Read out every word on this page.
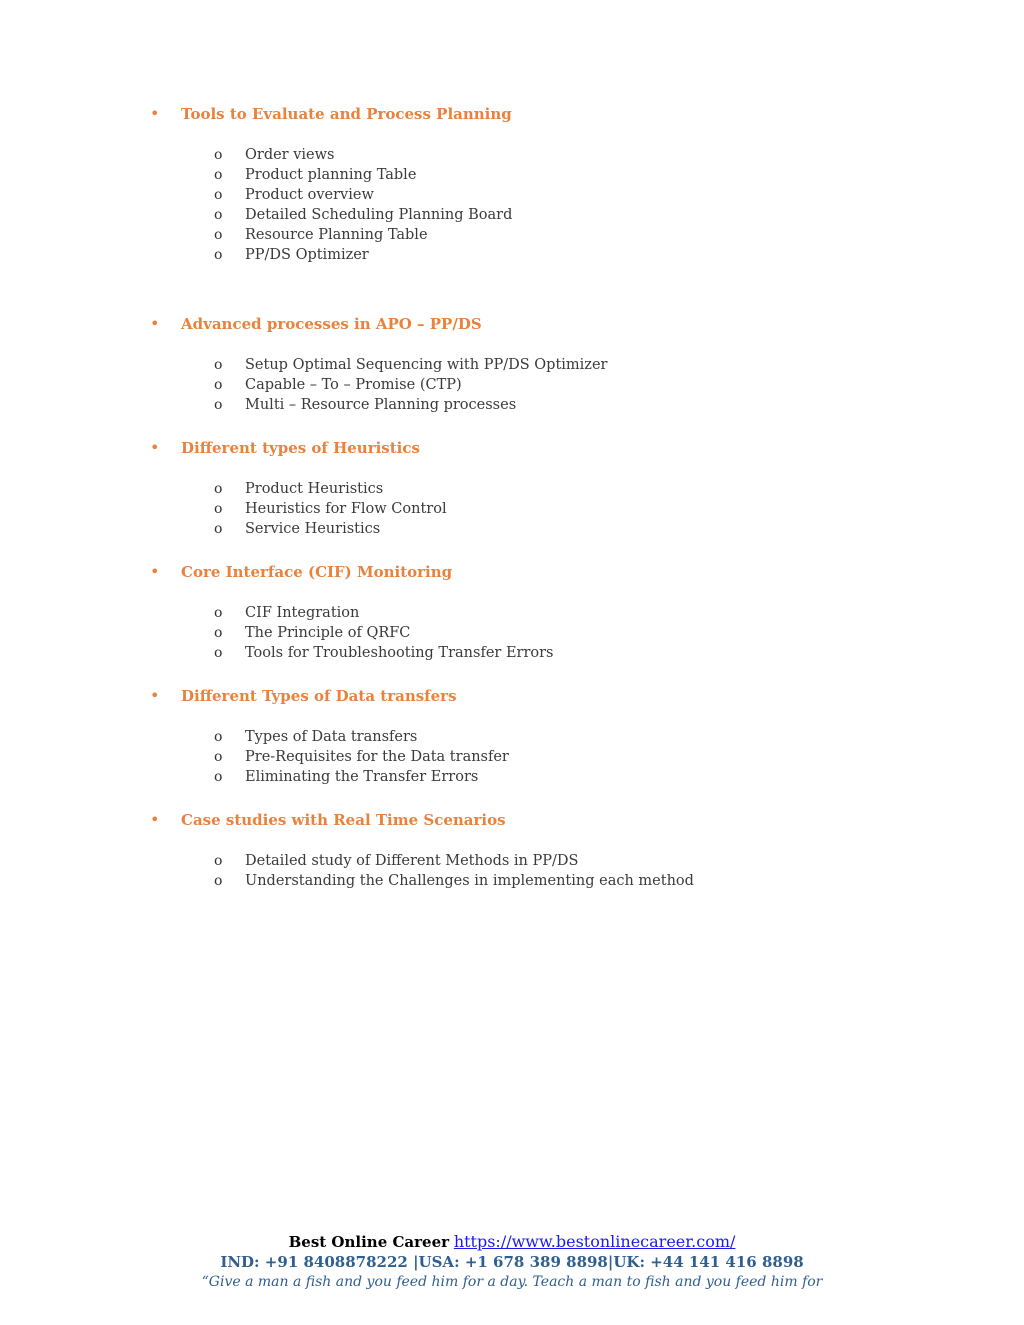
• Tools to Evaluate and Process Planning
o Order views
o Product planning Table
o Product overview
o Detailed Scheduling Planning Board
o Resource Planning Table
o PP/DS Optimizer
• Advanced processes in APO – PP/DS
o Setup Optimal Sequencing with PP/DS Optimizer
o Capable – To – Promise (CTP)
o Multi – Resource Planning processes
• Different types of Heuristics
o Product Heuristics
o Heuristics for Flow Control
o Service Heuristics
• Core Interface (CIF) Monitoring
o CIF Integration
o The Principle of QRFC
o Tools for Troubleshooting Transfer Errors
• Different Types of Data transfers
o Types of Data transfers
o Pre-Requisites for the Data transfer
o Eliminating the Transfer Errors
• Case studies with Real Time Scenarios
o Detailed study of Different Methods in PP/DS
o Understanding the Challenges in implementing each method
Best Online Career https://www.bestonlinecareer.com/
IND: +91 8408878222 |USA: +1 678 389 8898|UK: +44 141 416 8898
“Give a man a fish and you feed him for a day. Teach a man to fish and you feed him for
